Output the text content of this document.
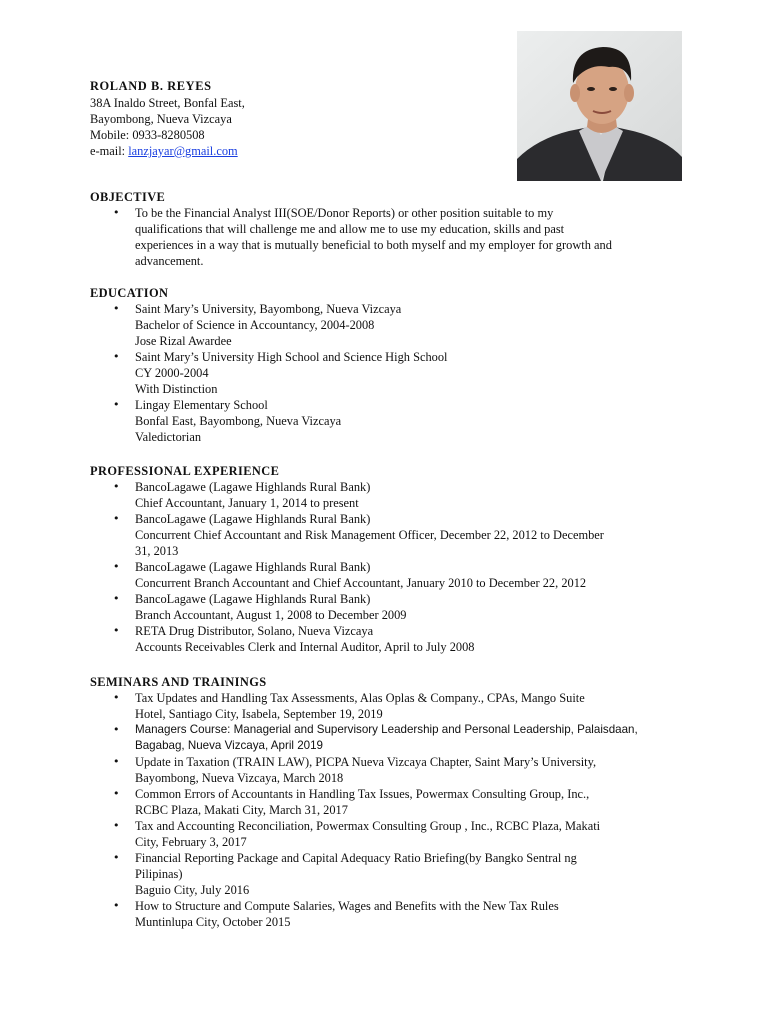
ROLAND B. REYES
38A Inaldo Street, Bonfal East,
Bayombong, Nueva Vizcaya
Mobile: 0933-8280508
e-mail: lanzjayar@gmail.com
OBJECTIVE
• To be the Financial Analyst III(SOE/Donor Reports) or other position suitable to my
qualifications that will challenge me and allow me to use my education, skills and past
experiences in a way that is mutually beneficial to both myself and my employer for growth and
advancement.
EDUCATION
• Saint Mary’s University, Bayombong, Nueva Vizcaya
Bachelor of Science in Accountancy, 2004-2008
Jose Rizal Awardee
• Saint Mary’s University High School and Science High School
CY 2000-2004
With Distinction
• Lingay Elementary School
Bonfal East, Bayombong, Nueva Vizcaya
Valedictorian
PROFESSIONAL EXPERIENCE
• BancoLagawe (Lagawe Highlands Rural Bank)
Chief Accountant, January 1, 2014 to present
• BancoLagawe (Lagawe Highlands Rural Bank)
Concurrent Chief Accountant and Risk Management Officer, December 22, 2012 to December
31, 2013
• BancoLagawe (Lagawe Highlands Rural Bank)
Concurrent Branch Accountant and Chief Accountant, January 2010 to December 22, 2012
• BancoLagawe (Lagawe Highlands Rural Bank)
Branch Accountant, August 1, 2008 to December 2009
• RETA Drug Distributor, Solano, Nueva Vizcaya
Accounts Receivables Clerk and Internal Auditor, April to July 2008
SEMINARS AND TRAININGS
• Tax Updates and Handling Tax Assessments, Alas Oplas & Company., CPAs, Mango Suite
Hotel, Santiago City, Isabela, September 19, 2019
• Managers Course: Managerial and Supervisory Leadership and Personal Leadership, Palaisdaan,
Bagabag, Nueva Vizcaya, April 2019
• Update in Taxation (TRAIN LAW), PICPA Nueva Vizcaya Chapter, Saint Mary’s University,
Bayombong, Nueva Vizcaya, March 2018
• Common Errors of Accountants in Handling Tax Issues, Powermax Consulting Group, Inc.,
RCBC Plaza, Makati City, March 31, 2017
• Tax and Accounting Reconciliation, Powermax Consulting Group , Inc., RCBC Plaza, Makati
City, February 3, 2017
• Financial Reporting Package and Capital Adequacy Ratio Briefing(by Bangko Sentral ng
Pilipinas)
Baguio City, July 2016
• How to Structure and Compute Salaries, Wages and Benefits with the New Tax Rules
Muntinlupa City, October 2015
